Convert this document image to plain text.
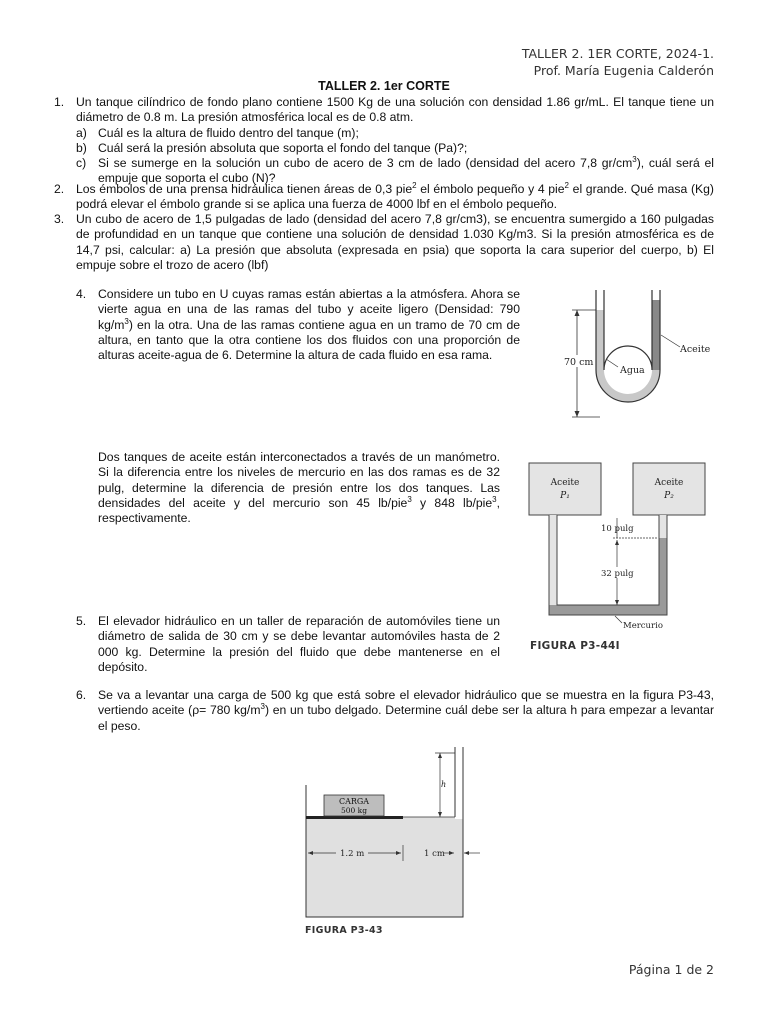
TALLER 2. 1ER CORTE, 2024-1.
Prof. María Eugenia Calderón
TALLER 2. 1er CORTE
1. Un tanque cilíndrico de fondo plano contiene 1500 Kg de una solución con densidad 1.86 gr/mL. El tanque tiene un diámetro de 0.8 m. La presión atmosférica local es de 0.8 atm.
a) Cuál es la altura de fluido dentro del tanque (m);
b) Cuál será la presión absoluta que soporta el fondo del tanque (Pa)?;
c) Si se sumerge en la solución un cubo de acero de 3 cm de lado (densidad del acero 7,8 $gr/cm^3$), cuál será el empuje que soporta el cubo (N)?
2. Los émbolos de una prensa hidráulica tienen áreas de 0,3 pie$^2$ el émbolo pequeño y 4 pie$^2$ el grande. Qué masa (Kg) podrá elevar el émbolo grande si se aplica una fuerza de 4000 lbf en el émbolo pequeño.
3. Un cubo de acero de 1,5 pulgadas de lado (densidad del acero 7,8 gr/cm3), se encuentra sumergido a 160 pulgadas de profundidad en un tanque que contiene una solución de densidad 1.030 Kg/m3. Si la presión atmosférica es de 14,7 psi, calcular: a) La presión que absoluta (expresada en psia) que soporta la cara superior del cuerpo, b) El empuje sobre el trozo de acero (lbf)
4. Considere un tubo en U cuyas ramas están abiertas a la atmósfera. Ahora se vierte agua en una de las ramas del tubo y aceite ligero (Densidad: 790 $kg/m^3$) en la otra. Una de las ramas contiene agua en un tramo de 70 cm de altura, en tanto que la otra contiene los dos fluidos con una proporción de alturas aceite-agua de 6. Determine la altura de cada fluido en esa rama.
70 cm
Agua
Aceite
Dos tanques de aceite están interconectados a través de un manómetro. Si la diferencia entre los niveles de mercurio en las dos ramas es de 32 pulg, determine la diferencia de presión entre los dos tanques. Las densidades del aceite y del mercurio son 45 lb/pie$^3$ y 848 lb/pie$^3$, respectivamente.
Aceite
P₁
Aceite
P₂
10 pulg
32 pulg
Mercurio
FIGURA P3-44I
5. El elevador hidráulico en un taller de reparación de automóviles tiene un diámetro de salida de 30 cm y se debe levantar automóviles hasta de 2 000 kg. Determine la presión del fluido que debe mantenerse en el depósito.
6. Se va a levantar una carga de 500 kg que está sobre el elevador hidráulico que se muestra en la figura P3-43, vertiendo aceite (ρ= 780 $kg/m^3$) en un tubo delgado. Determine cuál debe ser la altura h para empezar a levantar el peso.
CARGA
500 kg
h
1.2 m	1 cm
FIGURA P3-43
Página 1 de 2
